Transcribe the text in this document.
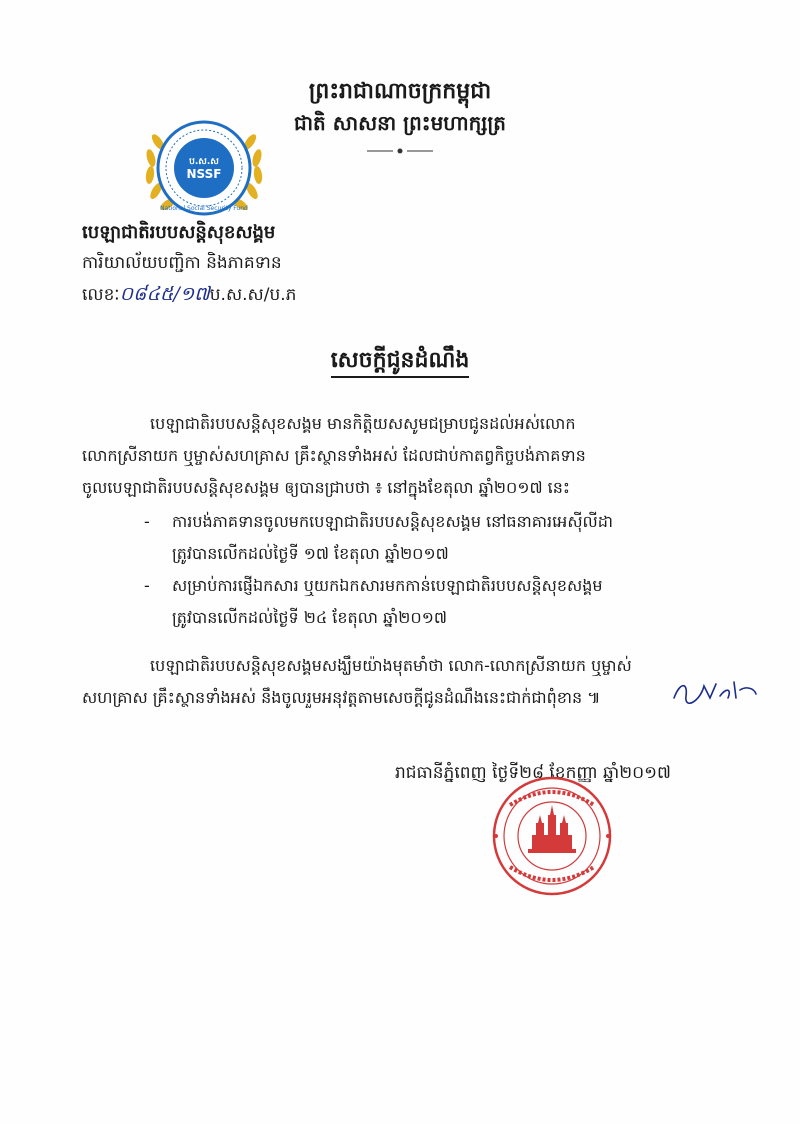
ព្រះរាជាណាចក្រកម្ពុជា
ជាតិ សាសនា ព្រះមហាក្សត្រ
ប.ស.ស
NSSF
National Social Security Fund
បេឡាជាតិរបបសន្តិសុខសង្គម
ការិយាល័យបញ្ជិកា និងភាគទាន
លេខៈ០៨៤៥/១៧ប.ស.ស/ប.ភ
សេចក្តីជូនដំណឹង
បេឡាជាតិរបបសន្តិសុខសង្គម មានកិត្តិយសសូមជម្រាបជូនដល់អស់លោក
លោកស្រីនាយក ឬម្ចាស់សហគ្រាស គ្រឹះស្ថានទាំងអស់ ដែលជាប់កាតព្វកិច្ចបង់ភាគទាន
ចូលបេឡាជាតិរបបសន្តិសុខសង្គម ឲ្យបានជ្រាបថា ៖ នៅក្នុងខែតុលា ឆ្នាំ២០១៧ នេះ
- ការបង់ភាគទានចូលមកបេឡាជាតិរបបសន្តិសុខសង្គម នៅធនាគារអេស៊ីលីដា
ត្រូវបានលើកដល់ថ្ងៃទី ១៧ ខែតុលា ឆ្នាំ២០១៧
- សម្រាប់ការផ្ញើឯកសារ ឬយកឯកសារមកកាន់បេឡាជាតិរបបសន្តិសុខសង្គម
ត្រូវបានលើកដល់ថ្ងៃទី ២៤ ខែតុលា ឆ្នាំ២០១៧
បេឡាជាតិរបបសន្តិសុខសង្គមសង្ឃឹមយ៉ាងមុតមាំថា លោក-លោកស្រីនាយក ឬម្ចាស់
សហគ្រាស គ្រឹះស្ថានទាំងអស់ នឹងចូលរួមអនុវត្តតាមសេចក្តីជូនដំណឹងនេះជាក់ជាពុំខាន ៕
រាជធានីភ្នំពេញ ថ្ងៃទី២៨ ខែកញ្ញា ឆ្នាំ២០១៧
